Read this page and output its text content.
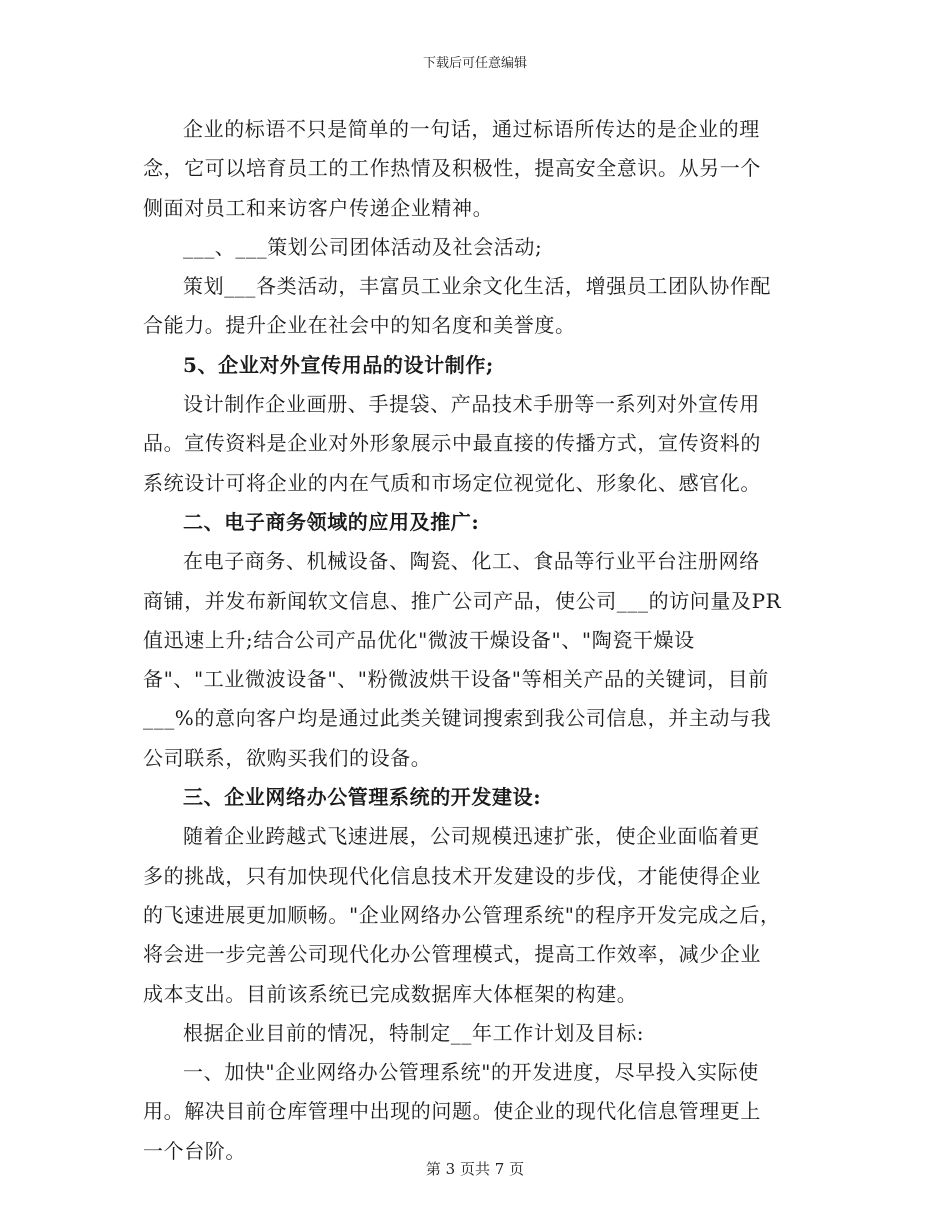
下载后可任意编辑

企业的标语不只是简单的一句话，通过标语所传达的是企业的理
念，它可以培育员工的工作热情及积极性，提高安全意识。从另一个
侧面对员工和来访客户传递企业精神。

___、___策划公司团体活动及社会活动;

策划___各类活动，丰富员工业余文化生活，增强员工团队协作配
合能力。提升企业在社会中的知名度和美誉度。

5、企业对外宣传用品的设计制作;

设计制作企业画册、手提袋、产品技术手册等一系列对外宣传用
品。宣传资料是企业对外形象展示中最直接的传播方式，宣传资料的
系统设计可将企业的内在气质和市场定位视觉化、形象化、感官化。

二、电子商务领域的应用及推广:

在电子商务、机械设备、陶瓷、化工、食品等行业平台注册网络
商铺，并发布新闻软文信息、推广公司产品，使公司___的访问量及PR
值迅速上升;结合公司产品优化"微波干燥设备"、"陶瓷干燥设
备"、"工业微波设备"、"粉微波烘干设备"等相关产品的关键词，目前
___%的意向客户均是通过此类关键词搜索到我公司信息，并主动与我
公司联系，欲购买我们的设备。

三、企业网络办公管理系统的开发建设:

随着企业跨越式飞速进展，公司规模迅速扩张，使企业面临着更
多的挑战，只有加快现代化信息技术开发建设的步伐，才能使得企业
的飞速进展更加顺畅。"企业网络办公管理系统"的程序开发完成之后，
将会进一步完善公司现代化办公管理模式，提高工作效率，减少企业
成本支出。目前该系统已完成数据库大体框架的构建。

根据企业目前的情况，特制定__年工作计划及目标:

一、加快"企业网络办公管理系统"的开发进度，尽早投入实际使
用。解决目前仓库管理中出现的问题。使企业的现代化信息管理更上
一个台阶。

第 3 页共 7 页
